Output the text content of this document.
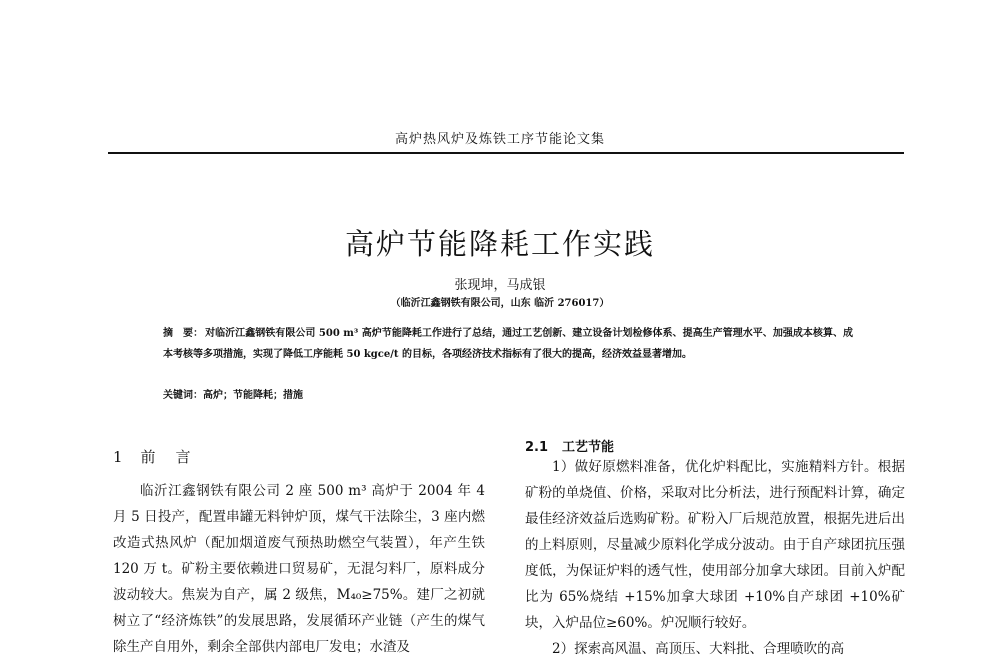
高炉热风炉及炼铁工序节能论文集
高炉节能降耗工作实践
张现坤，马成银
（临沂江鑫钢铁有限公司，山东 临沂 276017）
摘　要： 对临沂江鑫钢铁有限公司 500 m³ 高炉节能降耗工作进行了总结，通过工艺创新、建立设备计划检修体系、提高生产管理水平、加强成本核算、成本考核等多项措施，实现了降低工序能耗 50 kgce/t 的目标，各项经济技术指标有了很大的提高，经济效益显著增加。
关键词：高炉；节能降耗；措施
1 前言
临沂江鑫钢铁有限公司 2 座 500 m³ 高炉于 2004 年 4 月 5 日投产，配置串罐无料钟炉顶，煤气干法除尘，3 座内燃改造式热风炉（配加烟道废气预热助燃空气装置），年产生铁 120 万 t。矿粉主要依赖进口贸易矿，无混匀料厂，原料成分波动较大。焦炭为自产，属 2 级焦，M₄₀≥75%。建厂之初就树立了“经济炼铁”的发展思路，发展循环产业链（产生的煤气除生产自用外，剩余全部供内部电厂发电；水渣及
2.1 工艺节能

1）做好原燃料准备，优化炉料配比，实施精料方针。根据矿粉的单烧值、价格，采取对比分析法，进行预配料计算，确定最佳经济效益后选购矿粉。矿粉入厂后规范放置，根据先进后出的上料原则，尽量减少原料化学成分波动。由于自产球团抗压强度低，为保证炉料的透气性，使用部分加拿大球团。目前入炉配比为 65%烧结 +15%加拿大球团 +10%自产球团 +10%矿块，入炉品位≥60%。炉况顺行较好。

2）探索高风温、高顶压、大料批、合理喷吹的高
